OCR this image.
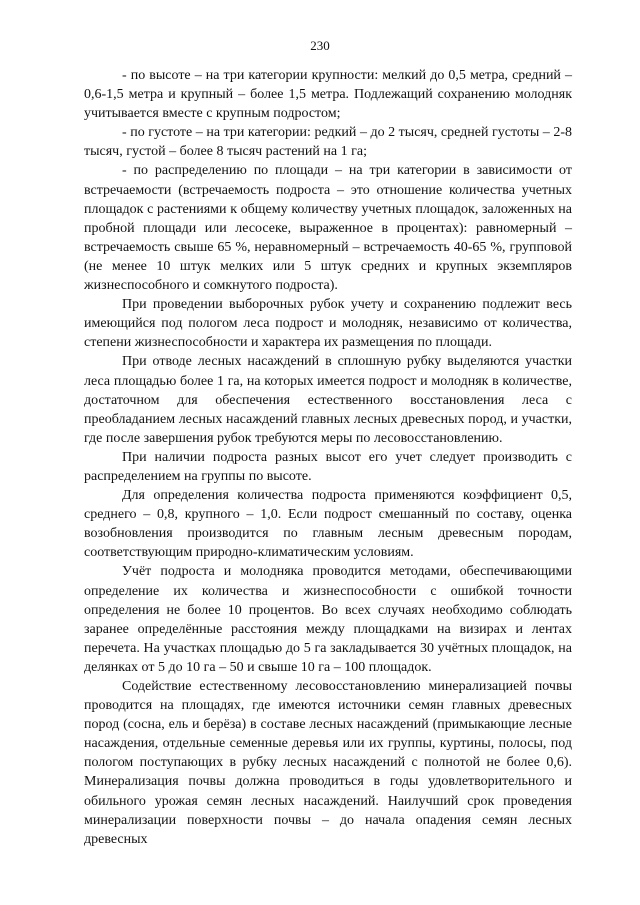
230

- по высоте – на три категории крупности: мелкий до 0,5 метра, средний – 0,6-1,5 метра и крупный – более 1,5 метра. Подлежащий сохранению молодняк учитывается вместе с крупным подростом;

- по густоте – на три категории: редкий – до 2 тысяч, средней густоты – 2-8 тысяч, густой – более 8 тысяч растений на 1 га;

- по распределению по площади – на три категории в зависимости от встречаемости (встречаемость подроста – это отношение количества учетных площадок с растениями к общему количеству учетных площадок, заложенных на пробной площади или лесосеке, выраженное в процентах): равномерный – встречаемость свыше 65 %, неравномерный – встречаемость 40-65 %, групповой (не менее 10 штук мелких или 5 штук средних и крупных экземпляров жизнеспособного и сомкнутого подроста).

При проведении выборочных рубок учету и сохранению подлежит весь имеющийся под пологом леса подрост и молодняк, независимо от количества, степени жизнеспособности и характера их размещения по площади.

При отводе лесных насаждений в сплошную рубку выделяются участки леса площадью более 1 га, на которых имеется подрост и молодняк в количестве, достаточном для обеспечения естественного восстановления леса с преобладанием лесных насаждений главных лесных древесных пород, и участки, где после завершения рубок требуются меры по лесовосстановлению.

При наличии подроста разных высот его учет следует производить с распределением на группы по высоте.

Для определения количества подроста применяются коэффициент 0,5, среднего – 0,8, крупного – 1,0. Если подрост смешанный по составу, оценка возобновления производится по главным лесным древесным породам, соответствующим природно-климатическим условиям.

Учёт подроста и молодняка проводится методами, обеспечивающими определение их количества и жизнеспособности с ошибкой точности определения не более 10 процентов. Во всех случаях необходимо соблюдать заранее определённые расстояния между площадками на визирах и лентах перечета. На участках площадью до 5 га закладывается 30 учётных площадок, на делянках от 5 до 10 га – 50 и свыше 10 га – 100 площадок.

Содействие естественному лесовосстановлению минерализацией почвы проводится на площадях, где имеются источники семян главных древесных пород (сосна, ель и берёза) в составе лесных насаждений (примыкающие лесные насаждения, отдельные семенные деревья или их группы, куртины, полосы, под пологом поступающих в рубку лесных насаждений с полнотой не более 0,6). Минерализация почвы должна проводиться в годы удовлетворительного и обильного урожая семян лесных насаждений. Наилучший срок проведения минерализации поверхности почвы – до начала опадения семян лесных древесных
